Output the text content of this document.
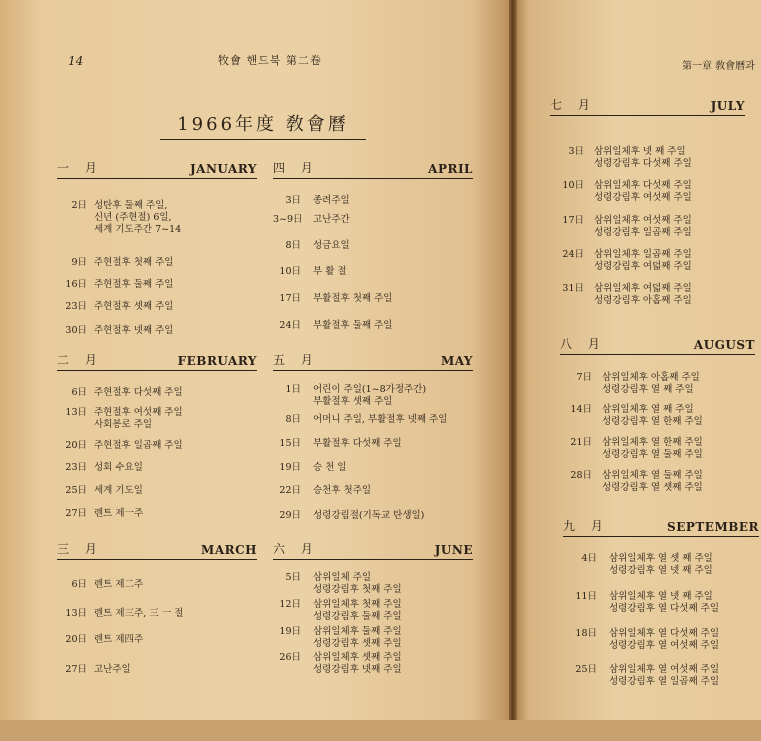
14	牧會 핸드북 第二卷	第一章 敎會曆과
1966年度 敎會曆
一 月	JANUARY
2日 성탄후 둘째 주일,
신년 (주현절) 6일,
세계 기도주간 7~14
9日 주현절후 첫째 주일
16日 주현절후 둘째 주일
23日 주현절후 셋째 주일
30日 주현절후 넷째 주일
二 月	FEBRUARY
6日 주현절후 다섯째 주일
13日 주현절후 여섯째 주일
사회봉로 주일
20日 주현절후 일곱째 주일
23日 성회 수요일
25日 세계 기도일
27日 렌트 제一주
三 月	MARCH
6日 렌트 제二주
13日 렌트 제三주, 三 一 절
20日 렌트 제四주
27日 고난주일
四 月	APRIL
3日 종려주일
3~9日 고난주간
8日 성금요일
10日 부 활 절
17日 부활절후 첫째 주일
24日 부활절후 둘째 주일
五 月	MAY
1日 어린이 주일(1~8가정주간)
부활절후 셋째 주일
8日 어머니 주일, 부활절후 넷째 주일
15日 부활절후 다섯째 주일
19日 승 천 일
22日 승천후 첫주일
29日 성령강림절(기독교 탄생일)
六 月	JUNE
5日 삼위일체 주일
성령강림후 첫째 주일
12日 삼위일체후 첫째 주일
성령강림후 둘째 주일
19日 삼위일체후 둘째 주일
성령강림후 셋째 주일
26日 삼위일체후 셋째 주일
성령강림후 넷째 주일
七 月	JULY
3日 삼위일체후 넷 째 주일
성령강림후 다섯째 주일
10日 삼위일체후 다섯째 주일
성령강림후 여섯째 주일
17日 삼위일체후 여섯째 주일
성령강림후 일곱째 주일
24日 삼위일체후 일곱째 주일
성령강림후 여덟째 주일
31日 삼위일체후 여덟째 주일
성령강림후 아홉째 주일
八 月	AUGUST
7日 삼위일체후 아홉째 주일
성령강림후 열 째 주일
14日 삼위일체후 열 째 주일
성령강림후 열 한째 주일
21日 삼위일체후 열 한째 주일
성령강림후 열 둘째 주일
28日 삼위일체후 열 둘째 주일
성령강림후 열 셋째 주일
九 月	SEPTEMBER
4日 삼위일체후 열 셋 째 주일
성령강림후 열 넷 째 주일
11日 삼위일체후 열 넷 째 주일
성령강림후 열 다섯째 주일
18日 삼위일체후 열 다섯째 주일
성령강림후 열 여섯째 주일
25日 삼위일체후 열 여섯째 주일
성령강림후 열 일곱째 주일
